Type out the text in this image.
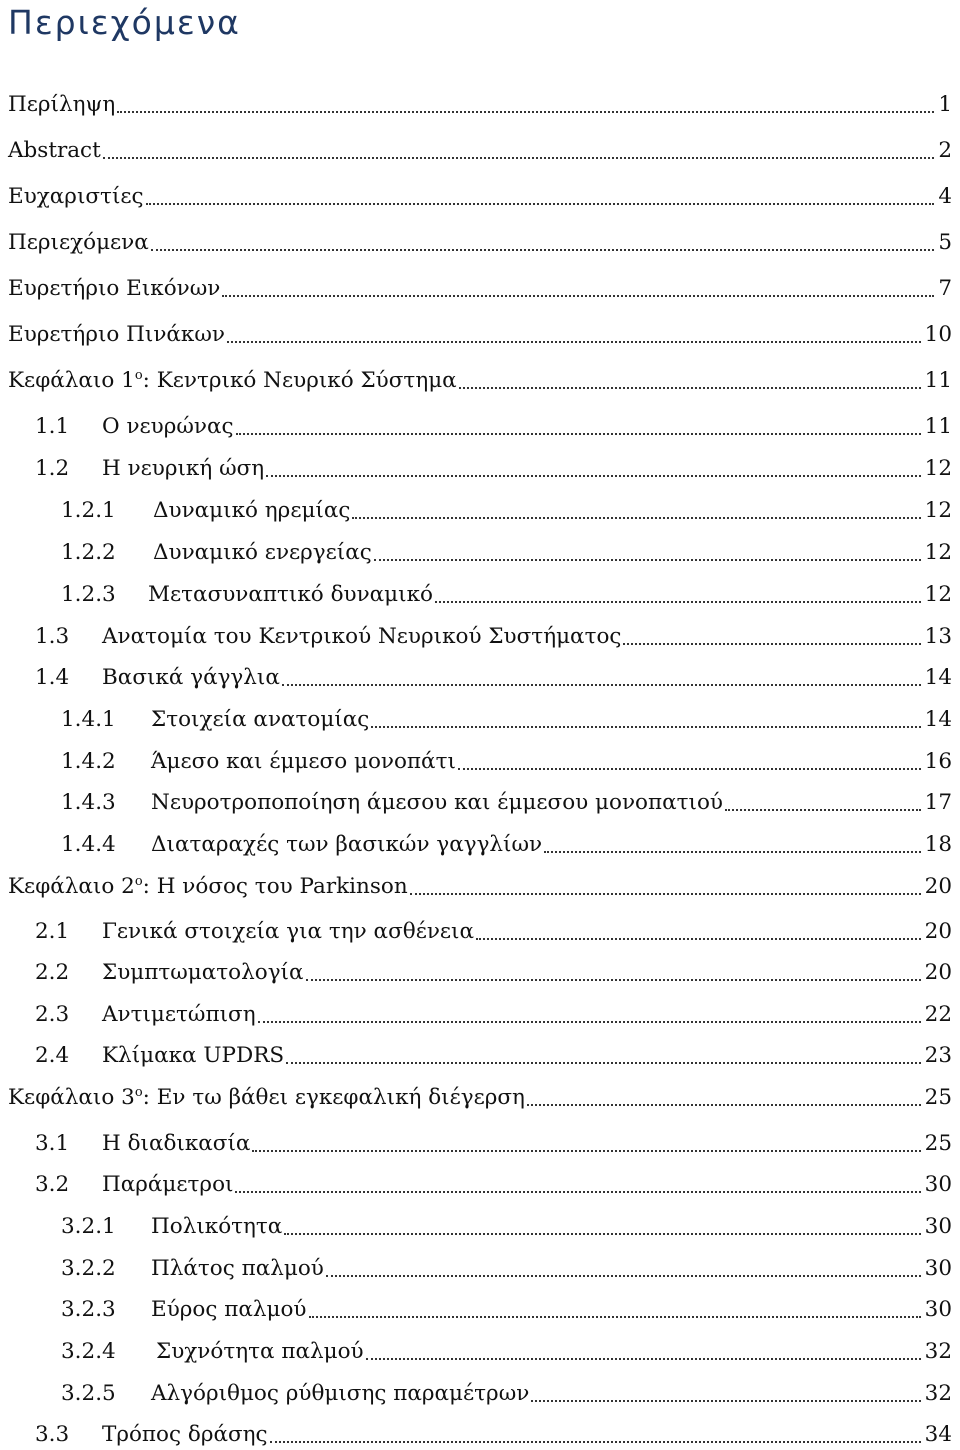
Περιεχόμενα
Περίληψη	1
Abstract	2
Ευχαριστίες	4
Περιεχόμενα	5
Ευρετήριο Εικόνων	7
Ευρετήριο Πινάκων	10
Κεφάλαιο $1^o$: Κεντρικό Νευρικό Σύστημα	11
1.1	Ο νευρώνας	11
1.2	Η νευρική ώση	12
1.2.1	Δυναμικό ηρεμίας	12
1.2.2	Δυναμικό ενεργείας	12
1.2.3	Μετασυναπτικό δυναμικό	12
1.3	Ανατομία του Κεντρικού Νευρικού Συστήματος	13
1.4	Βασικά γάγγλια	14
1.4.1	Στοιχεία ανατομίας	14
1.4.2	Άμεσο και έμμεσο μονοπάτι	16
1.4.3	Νευροτροποποίηση άμεσου και έμμεσου μονοπατιού	17
1.4.4	Διαταραχές των βασικών γαγγλίων	18
Κεφάλαιο $2^o$: Η νόσος του Parkinson	20
2.1	Γενικά στοιχεία για την ασθένεια	20
2.2	Συμπτωματολογία	20
2.3	Αντιμετώπιση	22
2.4	Κλίμακα UPDRS	23
Κεφάλαιο $3^o$: Εν τω βάθει εγκεφαλική διέγερση	25
3.1	Η διαδικασία	25
3.2	Παράμετροι	30
3.2.1	Πολικότητα	30
3.2.2	Πλάτος παλμού	30
3.2.3	Εύρος παλμού	30
3.2.4	Συχνότητα παλμού	32
3.2.5	Αλγόριθμος ρύθμισης παραμέτρων	32
3.3	Τρόπος δράσης	34
